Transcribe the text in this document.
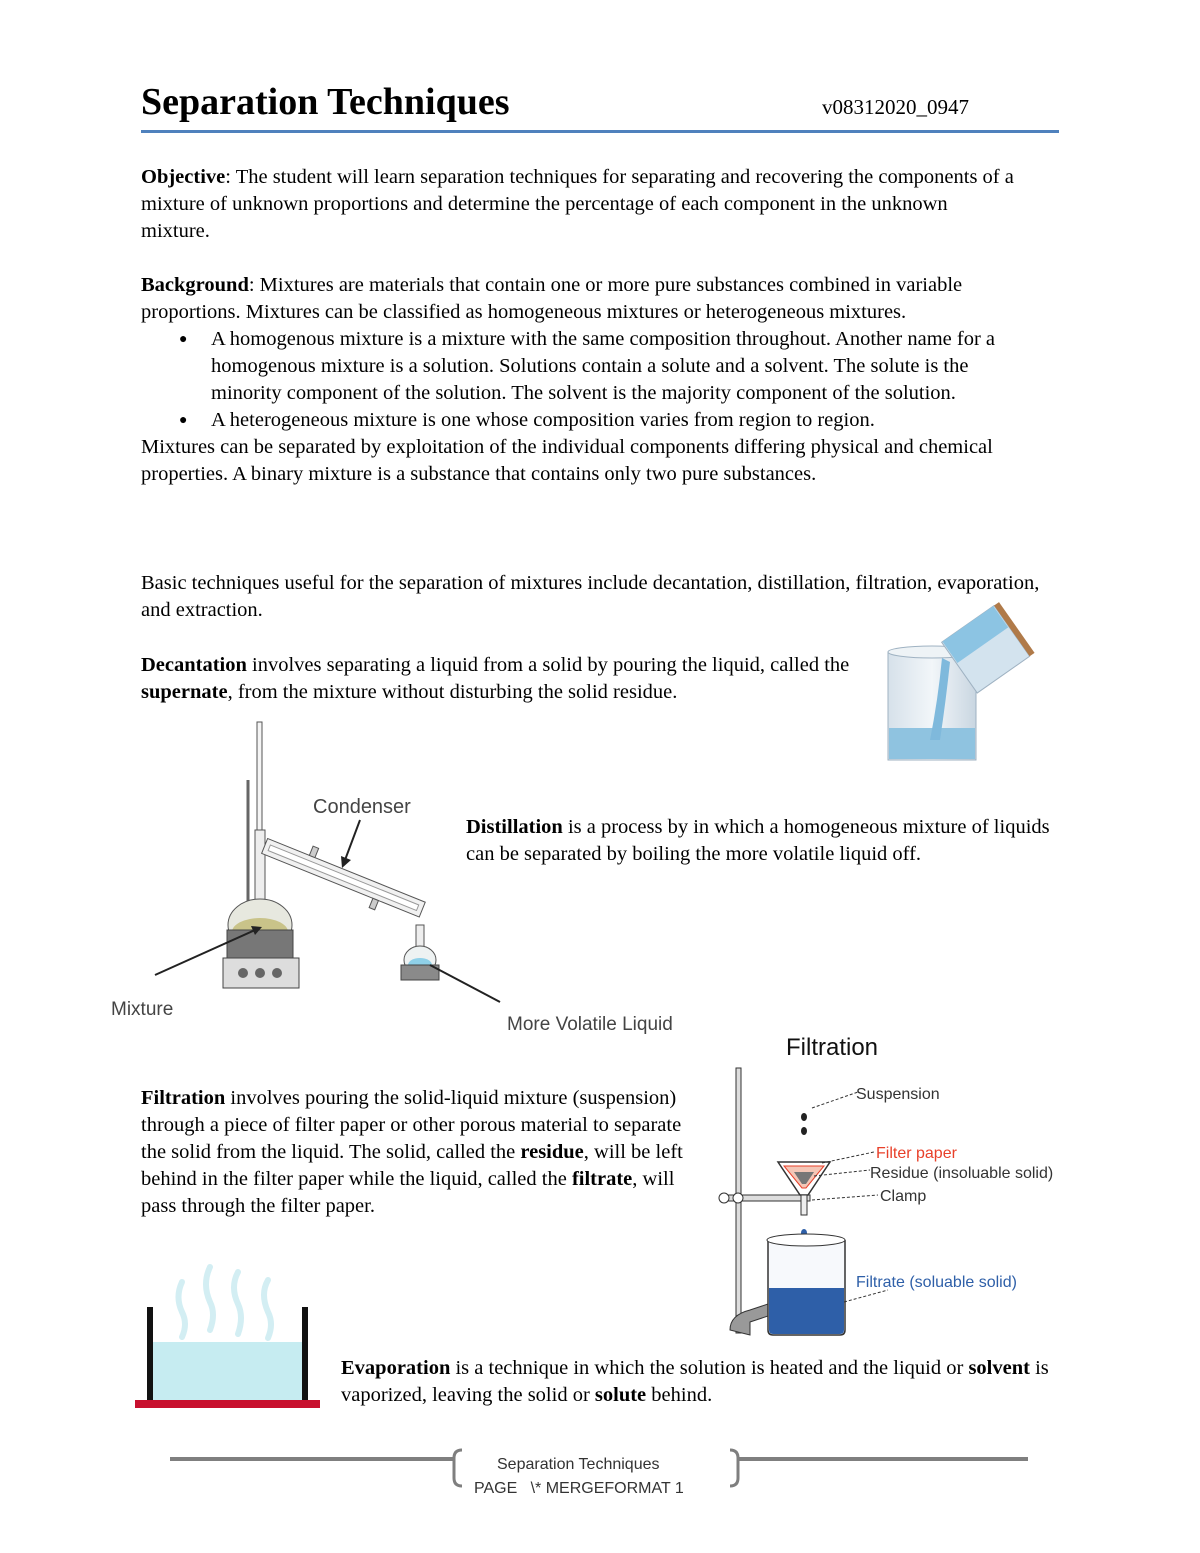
Separation Techniques	v08312020_0947
Objective: The student will learn separation techniques for separating and recovering the components of a mixture of unknown proportions and determine the percentage of each component in the unknown mixture.
Background: Mixtures are materials that contain one or more pure substances combined in variable proportions. Mixtures can be classified as homogeneous mixtures or heterogeneous mixtures.
● A homogenous mixture is a mixture with the same composition throughout. Another name for a homogenous mixture is a solution. Solutions contain a solute and a solvent. The solute is the minority component of the solution. The solvent is the majority component of the solution.
● A heterogeneous mixture is one whose composition varies from region to region.
Mixtures can be separated by exploitation of the individual components differing physical and chemical properties. A binary mixture is a substance that contains only two pure substances.
Basic techniques useful for the separation of mixtures include decantation, distillation, filtration, evaporation, and extraction.
Decantation involves separating a liquid from a solid by pouring the liquid, called the supernate, from the mixture without disturbing the solid residue.
Condenser
Mixture
More Volatile Liquid
Distillation is a process by in which a homogeneous mixture of liquids can be separated by boiling the more volatile liquid off.
Filtration involves pouring the solid-liquid mixture (suspension) through a piece of filter paper or other porous material to separate the solid from the liquid. The solid, called the residue, will be left behind in the filter paper while the liquid, called the filtrate, will pass through the filter paper.
Filtration
Suspension
Filter paper
Residue (insoluable solid)
Clamp
Filtrate (soluable solid)
Evaporation is a technique in which the solution is heated and the liquid or solvent is vaporized, leaving the solid or solute behind.
Separation Techniques
PAGE   \* MERGEFORMAT 1
